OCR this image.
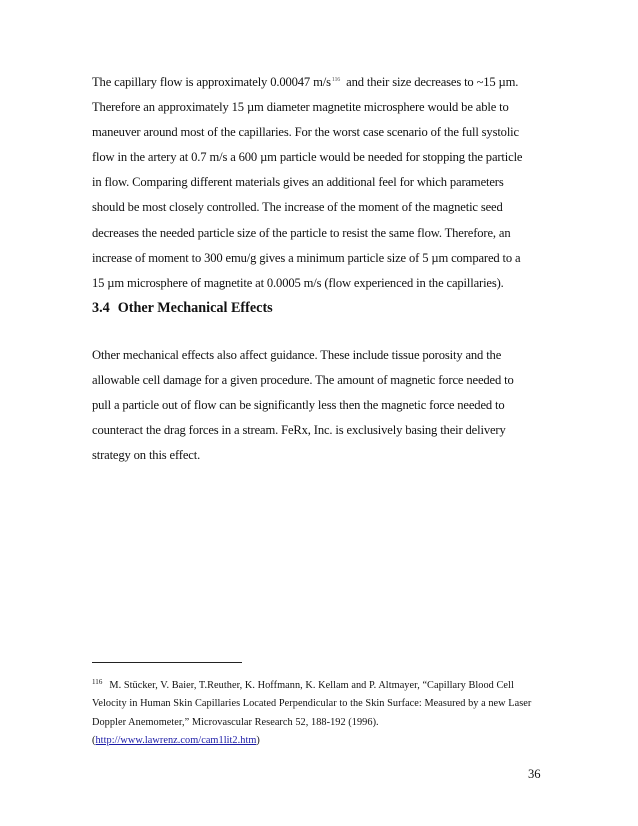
The capillary flow is approximately 0.00047 $m/s^{116}$ and their size decreases to ~15 µm.
Therefore an approximately 15 µm diameter magnetite microsphere would be able to
maneuver around most of the capillaries. For the worst case scenario of the full systolic
flow in the artery at 0.7 m/s a 600 µm particle would be needed for stopping the particle
in flow. Comparing different materials gives an additional feel for which parameters
should be most closely controlled. The increase of the moment of the magnetic seed
decreases the needed particle size of the particle to resist the same flow. Therefore, an
increase of moment to 300 emu/g gives a minimum particle size of 5 µm compared to a
15 µm microsphere of magnetite at 0.0005 m/s (flow experienced in the capillaries).
3.4 Other Mechanical Effects
Other mechanical effects also affect guidance. These include tissue porosity and the
allowable cell damage for a given procedure. The amount of magnetic force needed to
pull a particle out of flow can be significantly less then the magnetic force needed to
counteract the drag forces in a stream. FeRx, Inc. is exclusively basing their delivery
strategy on this effect.
$^{116}$ M. Stücker, V. Baier, T.Reuther, K. Hoffmann, K. Kellam and P. Altmayer, “Capillary Blood Cell
Velocity in Human Skin Capillaries Located Perpendicular to the Skin Surface: Measured by a new Laser
Doppler Anemometer,” Microvascular Research 52, 188-192 (1996).
(http://www.lawrenz.com/cam1lit2.htm)
36
